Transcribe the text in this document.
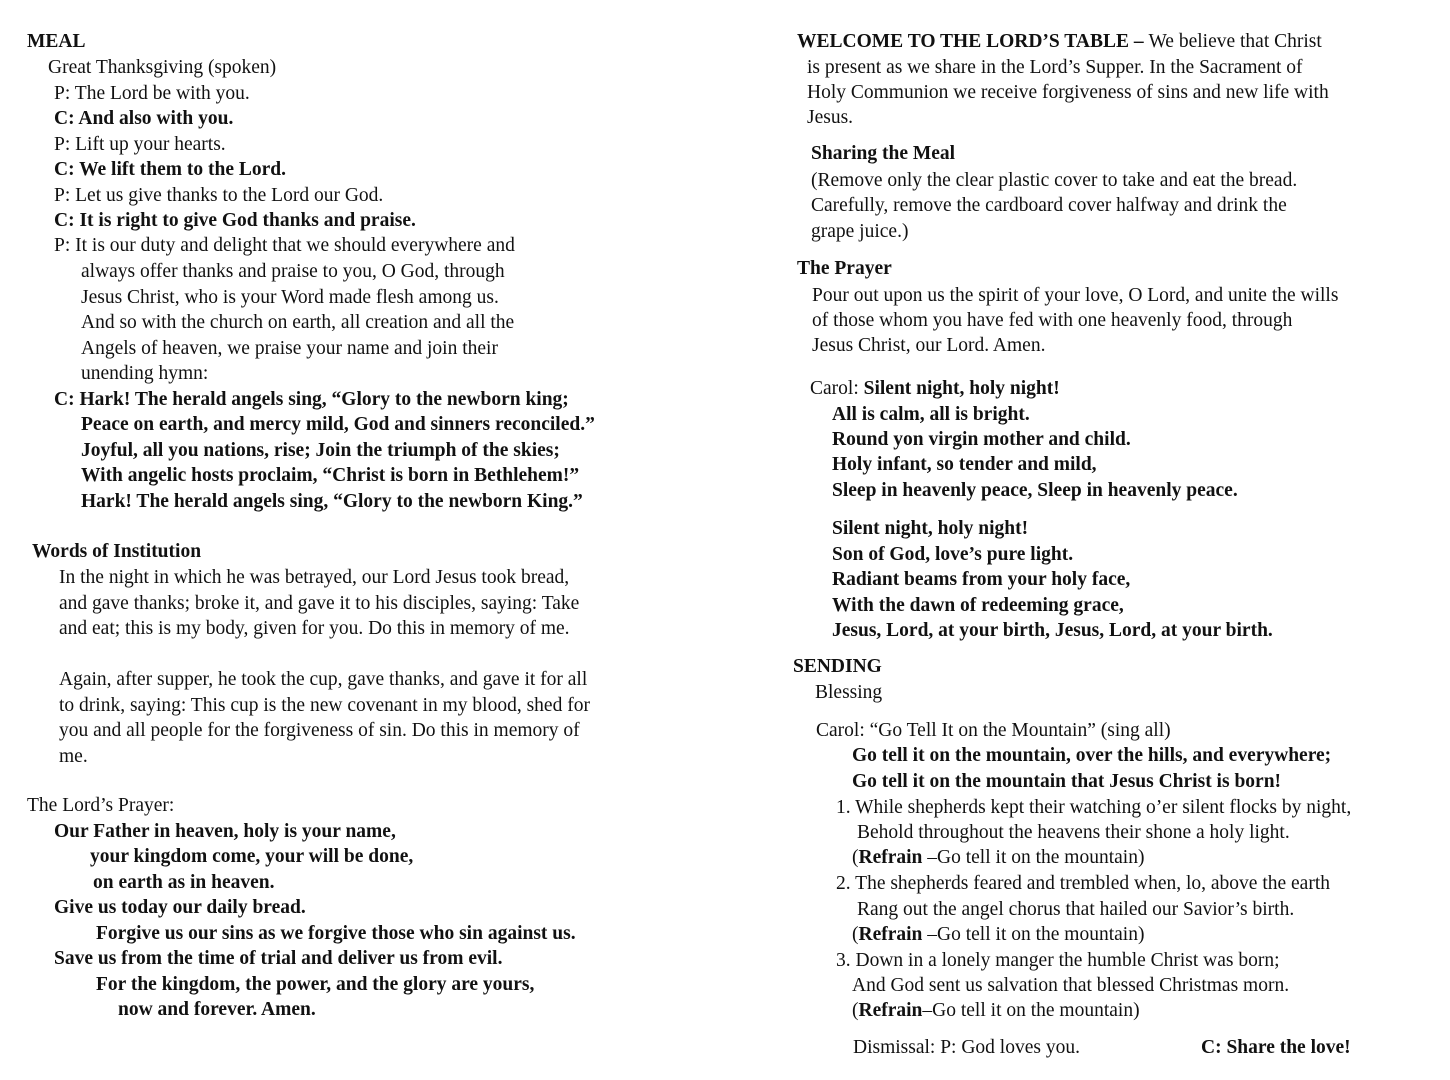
MEAL
Great Thanksgiving (spoken)
P: The Lord be with you.
C: And also with you.
P: Lift up your hearts.
C: We lift them to the Lord.
P: Let us give thanks to the Lord our God.
C: It is right to give God thanks and praise.
P: It is our duty and delight that we should everywhere and
always offer thanks and praise to you, O God, through
Jesus Christ, who is your Word made flesh among us.
And so with the church on earth, all creation and all the
Angels of heaven, we praise your name and join their
unending hymn:
C: Hark! The herald angels sing, “Glory to the newborn king;
Peace on earth, and mercy mild, God and sinners reconciled.”
Joyful, all you nations, rise; Join the triumph of the skies;
With angelic hosts proclaim, “Christ is born in Bethlehem!”
Hark! The herald angels sing, “Glory to the newborn King.”
Words of Institution
In the night in which he was betrayed, our Lord Jesus took bread,
and gave thanks; broke it, and gave it to his disciples, saying: Take
and eat; this is my body, given for you. Do this in memory of me.
Again, after supper, he took the cup, gave thanks, and gave it for all
to drink, saying: This cup is the new covenant in my blood, shed for
you and all people for the forgiveness of sin. Do this in memory of
me.
The Lord’s Prayer:
Our Father in heaven, holy is your name,
your kingdom come, your will be done,
on earth as in heaven.
Give us today our daily bread.
Forgive us our sins as we forgive those who sin against us.
Save us from the time of trial and deliver us from evil.
For the kingdom, the power, and the glory are yours,
now and forever. Amen.
WELCOME TO THE LORD’S TABLE – We believe that Christ
is present as we share in the Lord’s Supper. In the Sacrament of
Holy Communion we receive forgiveness of sins and new life with
Jesus.
Sharing the Meal
(Remove only the clear plastic cover to take and eat the bread.
Carefully, remove the cardboard cover halfway and drink the
grape juice.)
The Prayer
Pour out upon us the spirit of your love, O Lord, and unite the wills
of those whom you have fed with one heavenly food, through
Jesus Christ, our Lord. Amen.
Carol: Silent night, holy night!
All is calm, all is bright.
Round yon virgin mother and child.
Holy infant, so tender and mild,
Sleep in heavenly peace, Sleep in heavenly peace.
Silent night, holy night!
Son of God, love’s pure light.
Radiant beams from your holy face,
With the dawn of redeeming grace,
Jesus, Lord, at your birth, Jesus, Lord, at your birth.
SENDING
Blessing
Carol: “Go Tell It on the Mountain” (sing all)
Go tell it on the mountain, over the hills, and everywhere;
Go tell it on the mountain that Jesus Christ is born!
1. While shepherds kept their watching o’er silent flocks by night,
Behold throughout the heavens their shone a holy light.
(Refrain –Go tell it on the mountain)
2. The shepherds feared and trembled when, lo, above the earth
Rang out the angel chorus that hailed our Savior’s birth.
(Refrain –Go tell it on the mountain)
3. Down in a lonely manger the humble Christ was born;
And God sent us salvation that blessed Christmas morn.
(Refrain–Go tell it on the mountain)
Dismissal: P: God loves you.	C: Share the love!
